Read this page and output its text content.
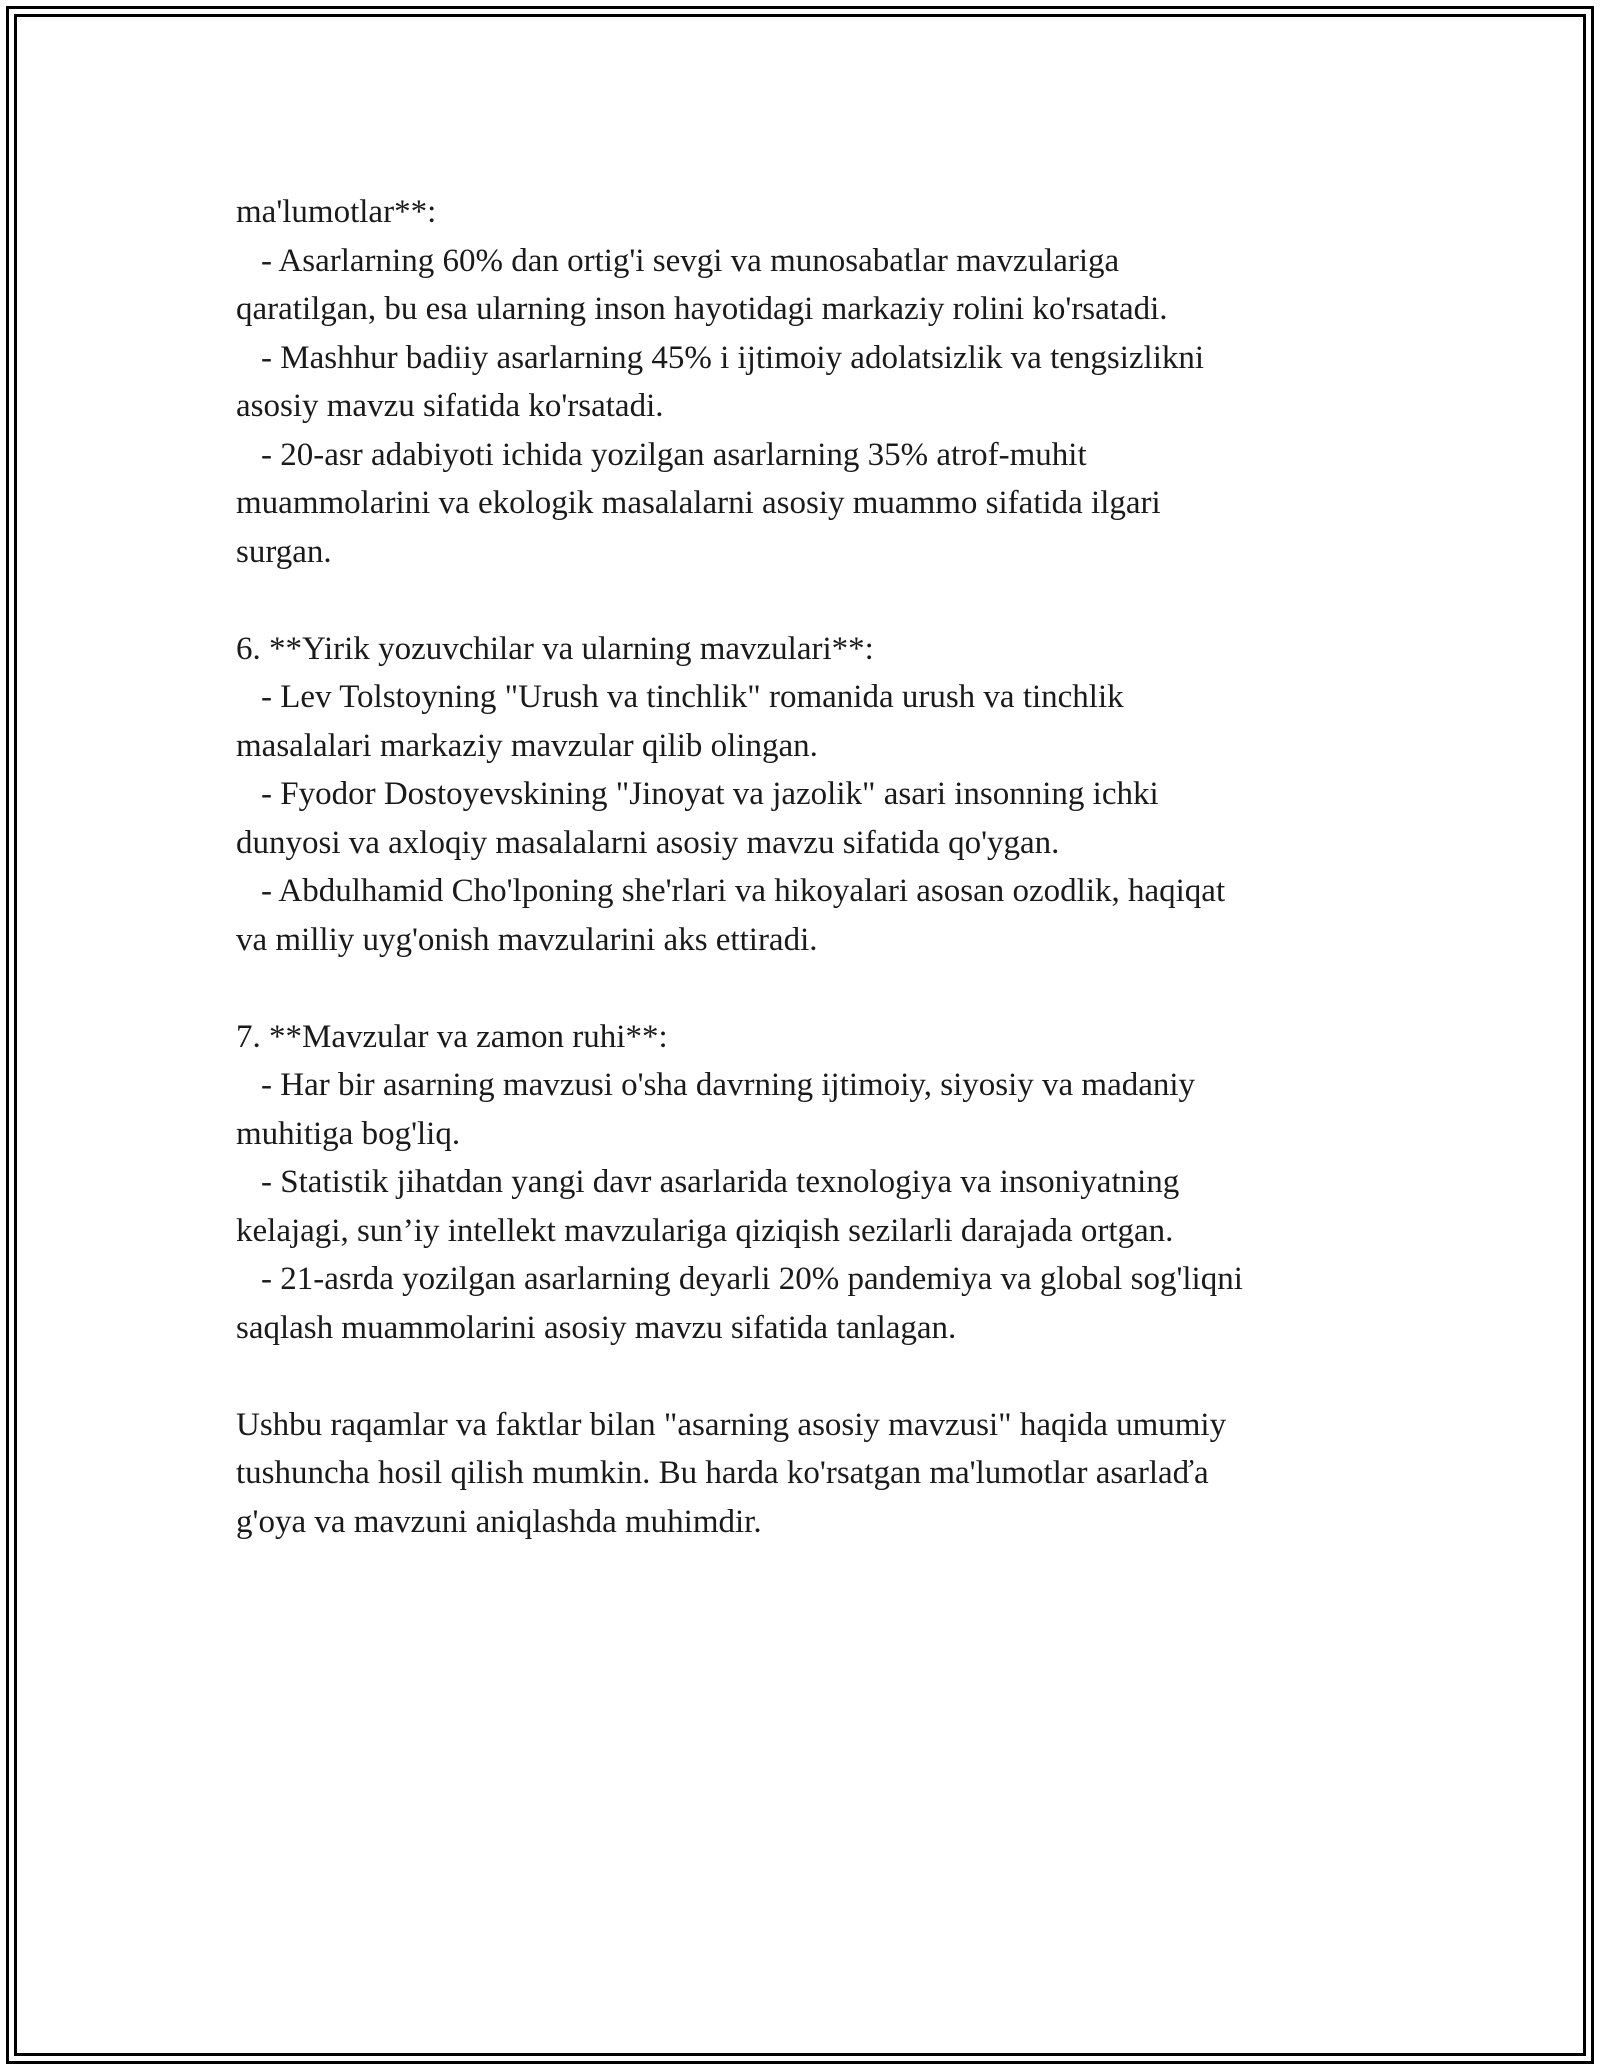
ma'lumotlar**:
- Asarlarning 60% dan ortig'i sevgi va munosabatlar mavzulariga
qaratilgan, bu esa ularning inson hayotidagi markaziy rolini ko'rsatadi.
- Mashhur badiiy asarlarning 45% i ijtimoiy adolatsizlik va tengsizlikni
asosiy mavzu sifatida ko'rsatadi.
- 20-asr adabiyoti ichida yozilgan asarlarning 35% atrof-muhit
muammolarini va ekologik masalalarni asosiy muammo sifatida ilgari
surgan.
6. **Yirik yozuvchilar va ularning mavzulari**:
- Lev Tolstoyning "Urush va tinchlik" romanida urush va tinchlik
masalalari markaziy mavzular qilib olingan.
- Fyodor Dostoyevskining "Jinoyat va jazolik" asari insonning ichki
dunyosi va axloqiy masalalarni asosiy mavzu sifatida qo'ygan.
- Abdulhamid Cho'lponing she'rlari va hikoyalari asosan ozodlik, haqiqat
va milliy uyg'onish mavzularini aks ettiradi.
7. **Mavzular va zamon ruhi**:
- Har bir asarning mavzusi o'sha davrning ijtimoiy, siyosiy va madaniy
muhitiga bog'liq.
- Statistik jihatdan yangi davr asarlarida texnologiya va insoniyatning
kelajagi, sun’iy intellekt mavzulariga qiziqish sezilarli darajada ortgan.
- 21-asrda yozilgan asarlarning deyarli 20% pandemiya va global sog'liqni
saqlash muammolarini asosiy mavzu sifatida tanlagan.
Ushbu raqamlar va faktlar bilan "asarning asosiy mavzusi" haqida umumiy
tushuncha hosil qilish mumkin. Bu harda ko'rsatgan ma'lumotlar asarlaďa
g'oya va mavzuni aniqlashda muhimdir.
